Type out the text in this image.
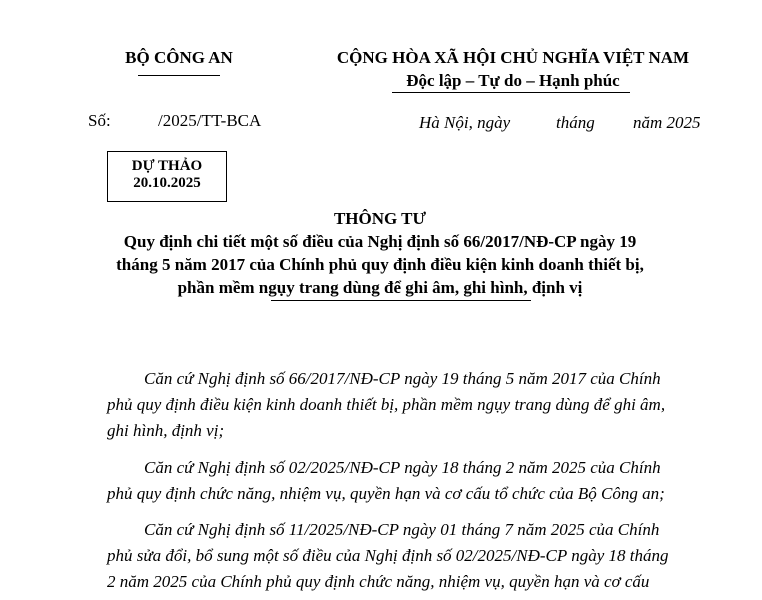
BỘ CÔNG AN	CỘNG HÒA XÃ HỘI CHỦ NGHĨA VIỆT NAM
Độc lập – Tự do – Hạnh phúc
Số:	/2025/TT-BCA	Hà Nội, ngày	tháng năm 2025
DỰ THẢO
20.10.2025
THÔNG TƯ
Quy định chi tiết một số điều của Nghị định số 66/2017/NĐ-CP ngày 19
tháng 5 năm 2017 của Chính phủ quy định điều kiện kinh doanh thiết bị,
phần mềm ngụy trang dùng để ghi âm, ghi hình, định vị
Căn cứ Nghị định số 66/2017/NĐ-CP ngày 19 tháng 5 năm 2017 của Chính
phủ quy định điều kiện kinh doanh thiết bị, phần mềm ngụy trang dùng để ghi âm,
ghi hình, định vị;
Căn cứ Nghị định số 02/2025/NĐ-CP ngày 18 tháng 2 năm 2025 của Chính
phủ quy định chức năng, nhiệm vụ, quyền hạn và cơ cấu tổ chức của Bộ Công an;
Căn cứ Nghị định số 11/2025/NĐ-CP ngày 01 tháng 7 năm 2025 của Chính
phủ sửa đổi, bổ sung một số điều của Nghị định số 02/2025/NĐ-CP ngày 18 tháng
2 năm 2025 của Chính phủ quy định chức năng, nhiệm vụ, quyền hạn và cơ cấu
